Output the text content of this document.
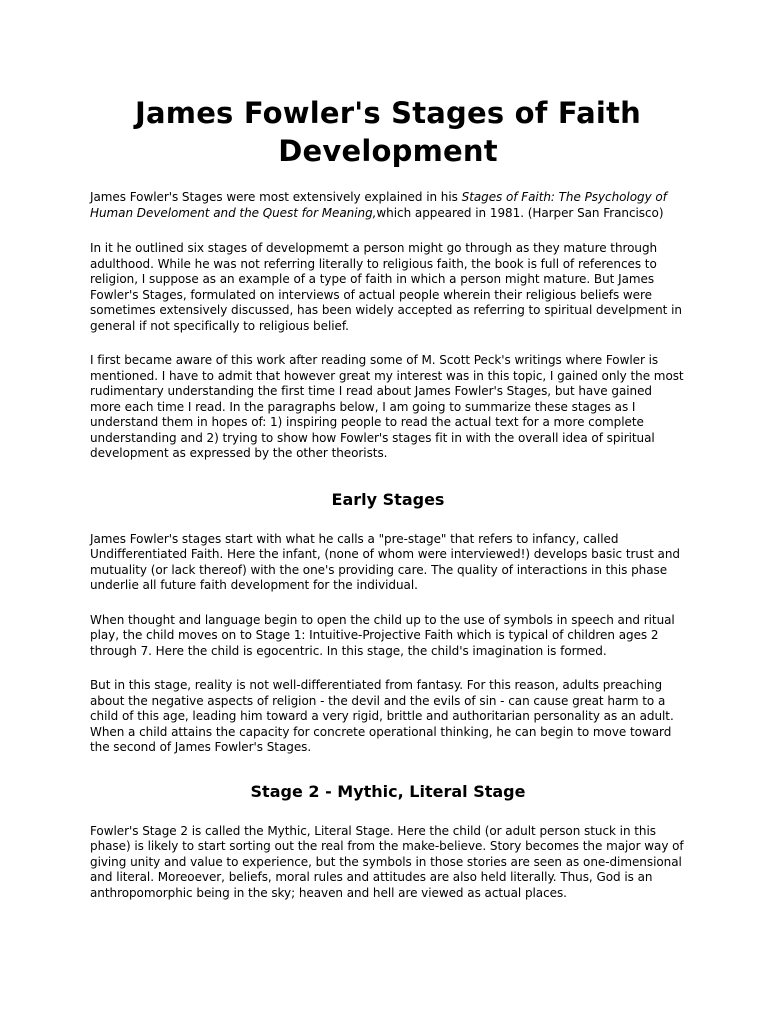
James Fowler's Stages of Faith Development

James Fowler's Stages were most extensively explained in his Stages of Faith: The Psychology of Human Develoment and the Quest for Meaning,which appeared in 1981. (Harper San Francisco)

In it he outlined six stages of developmemt a person might go through as they mature through adulthood. While he was not referring literally to religious faith, the book is full of references to religion, I suppose as an example of a type of faith in which a person might mature. But James Fowler's Stages, formulated on interviews of actual people wherein their religious beliefs were sometimes extensively discussed, has been widely accepted as referring to spiritual develpment in general if not specifically to religious belief.

I first became aware of this work after reading some of M. Scott Peck's writings where Fowler is mentioned. I have to admit that however great my interest was in this topic, I gained only the most rudimentary understanding the first time I read about James Fowler's Stages, but have gained more each time I read. In the paragraphs below, I am going to summarize these stages as I understand them in hopes of: 1) inspiring people to read the actual text for a more complete understanding and 2) trying to show how Fowler's stages fit in with the overall idea of spiritual development as expressed by the other theorists.

Early Stages

James Fowler's stages start with what he calls a "pre-stage" that refers to infancy, called Undifferentiated Faith. Here the infant, (none of whom were interviewed!) develops basic trust and mutuality (or lack thereof) with the one's providing care. The quality of interactions in this phase underlie all future faith development for the individual.

When thought and language begin to open the child up to the use of symbols in speech and ritual play, the child moves on to Stage 1: Intuitive-Projective Faith which is typical of children ages 2 through 7. Here the child is egocentric. In this stage, the child's imagination is formed.

But in this stage, reality is not well-differentiated from fantasy. For this reason, adults preaching about the negative aspects of religion - the devil and the evils of sin - can cause great harm to a child of this age, leading him toward a very rigid, brittle and authoritarian personality as an adult. When a child attains the capacity for concrete operational thinking, he can begin to move toward the second of James Fowler's Stages.

Stage 2 - Mythic, Literal Stage

Fowler's Stage 2 is called the Mythic, Literal Stage. Here the child (or adult person stuck in this phase) is likely to start sorting out the real from the make-believe. Story becomes the major way of giving unity and value to experience, but the symbols in those stories are seen as one-dimensional and literal. Moreoever, beliefs, moral rules and attitudes are also held literally. Thus, God is an anthropomorphic being in the sky; heaven and hell are viewed as actual places.
